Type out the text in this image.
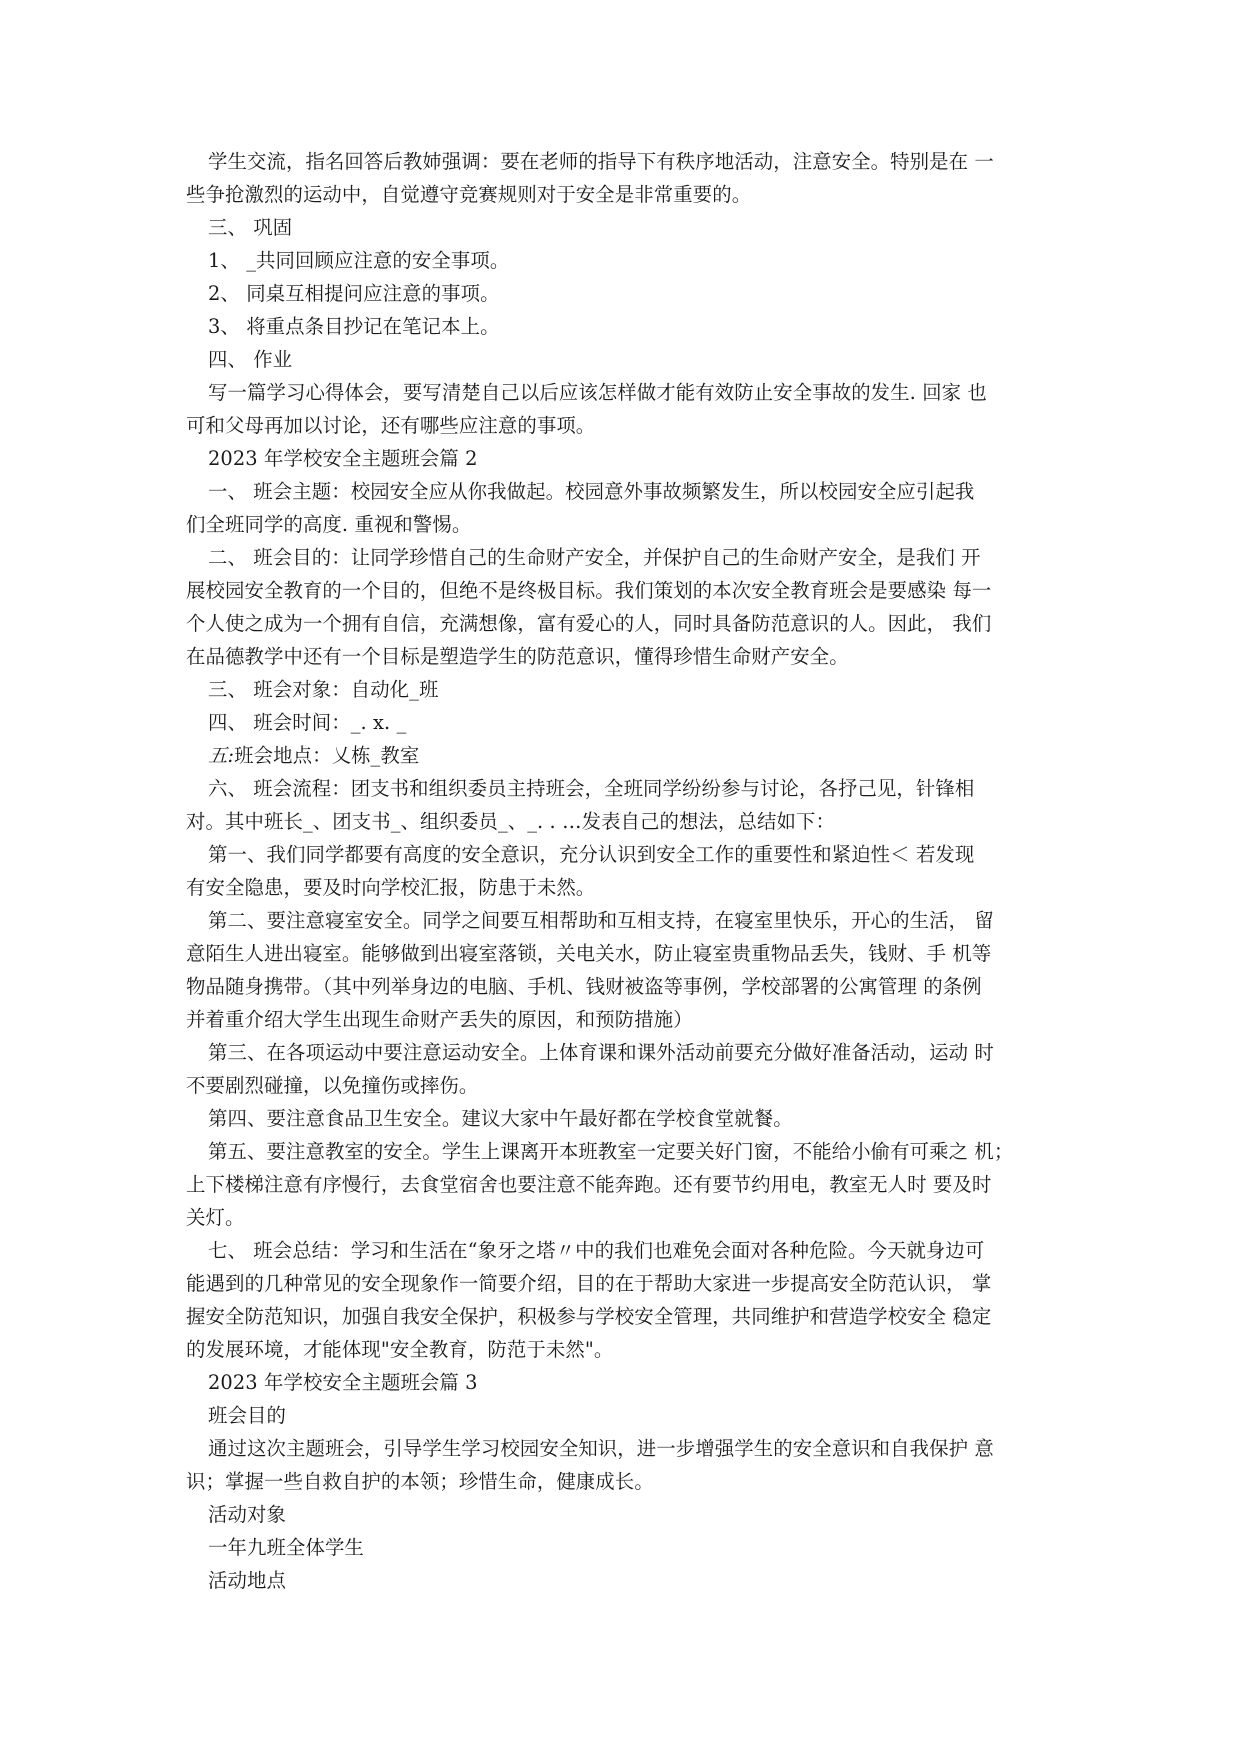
学生交流，指名回答后教姉强调：要在老师的指导下有秩序地活动，注意安全。特别是在 一
些争抢激烈的运动中，自觉遵守竞赛规则对于安全是非常重要的。

三、 巩固

1、 _共同回顾应注意的安全事项。

2、 同桌互相提问应注意的事项。

3、 将重点条目抄记在笔记本上。

四、 作业

写一篇学习心得体会，要写清楚自己以后应该怎样做才能有效防止安全事故的发生. 回家 也
可和父母再加以讨论，还有哪些应注意的事项。

2023 年学校安全主题班会篇 2

一、 班会主题：校园安全应从你我做起。校园意外事故频繁发生，所以校园安全应引起我
们全班同学的高度. 重视和警惕。

二、 班会目的：让同学珍惜自己的生命财产安全，并保护自己的生命财产安全，是我们 开
展校园安全教育的一个目的，但绝不是终极目标。我们策划的本次安全教育班会是要感染 每一
个人使之成为一个拥有自信，充满想像，富有爱心的人，同时具备防范意识的人。因此， 我们
在品德教学中还有一个目标是塑造学生的防范意识，懂得珍惜生命财产安全。

三、 班会对象：自动化_班

四、 班会时间：_. x. _

五:班会地点：乂栋_教室

六、 班会流程：团支书和组织委员主持班会，全班同学纷纷参与讨论，各抒己见，针锋相
对。其中班长_、团支书_、组织委员_、_. . …发表自己的想法，总结如下：

第一、我们同学都要有高度的安全意识，充分认识到安全工作的重要性和紧迫性＜ 若发现
有安全隐患，要及时向学校汇报，防患于未然。

第二、要注意寝室安全。同学之间要互相帮助和互相支持，在寝室里快乐，开心的生活， 留
意陌生人进出寝室。能够做到出寝室落锁，关电关水，防止寝室贵重物品丢失，钱财、手 机等
物品随身携带。（其中列举身边的电脑、手机、钱财被盗等事例，学校部署的公寓管理 的条例
并着重介绍大学生出现生命财产丢失的原因，和预防措施）

第三、在各项运动中要注意运动安全。上体育课和课外活动前要充分做好准备活动，运动 时
不要剧烈碰撞，以免撞伤或摔伤。

第四、要注意食品卫生安全。建议大家中午最好都在学校食堂就餐。

第五、要注意教室的安全。学生上课离开本班教室一定要关好门窗，不能给小偷有可乘之 机；
上下楼梯注意有序慢行，去食堂宿舍也要注意不能奔跑。还有要节约用电，教室无人时 要及时
关灯。

七、 班会总结：学习和生活在“象牙之塔〃中的我们也难免会面对各种危险。今天就身边可
能遇到的几种常见的安全现象作一简要介绍，目的在于帮助大家进一步提高安全防范认识， 掌
握安全防范知识，加强自我安全保护，积极参与学校安全管理，共同维护和营造学校安全 稳定
的发展环境，才能体现"安全教育，防范于未然"。

2023 年学校安全主题班会篇 3

班会目的

通过这次主题班会，引导学生学习校园安全知识，进一步增强学生的安全意识和自我保护 意
识；掌握一些自救自护的本领；珍惜生命，健康成长。

活动对象

一年九班全体学生

活动地点
